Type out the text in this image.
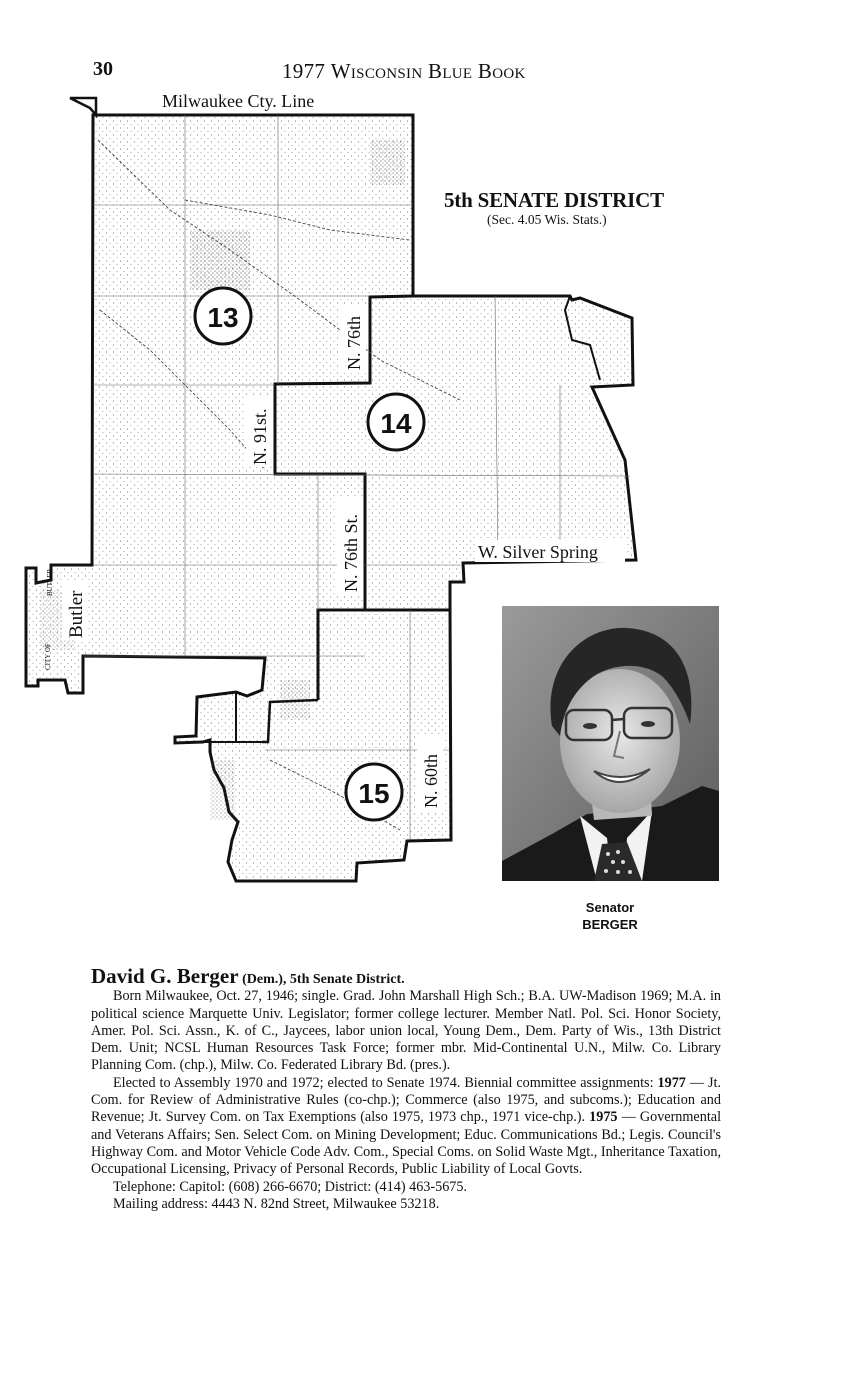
30	1977 Wisconsin Blue Book
13
14
15
Milwaukee Cty. Line
N. 76th
N. 91st.
N. 76th St.	W. Silver Spring
Butler
BUTLER
CITY OF
N. 60th
5th SENATE DISTRICT
(Sec. 4.05 Wis. Stats.)
Senator
BERGER

David G. Berger (Dem.), 5th Senate District.

Born Milwaukee, Oct. 27, 1946; single. Grad. John Marshall High Sch.; B.A. UW-Madison 1969; M.A. in political science Marquette Univ. Legislator; former college lecturer. Member Natl. Pol. Sci. Honor Society, Amer. Pol. Sci. Assn., K. of C., Jaycees, labor union local, Young Dem., Dem. Party of Wis., 13th District Dem. Unit; NCSL Human Resources Task Force; former mbr. Mid-Continental U.N., Milw. Co. Library Planning Com. (chp.), Milw. Co. Federated Library Bd. (pres.).

Elected to Assembly 1970 and 1972; elected to Senate 1974. Biennial committee assignments: 1977 — Jt. Com. for Review of Administrative Rules (co-chp.); Commerce (also 1975, and subcoms.); Education and Revenue; Jt. Survey Com. on Tax Exemptions (also 1975, 1973 chp., 1971 vice-chp.). 1975 — Governmental and Veterans Affairs; Sen. Select Com. on Mining Development; Educ. Communications Bd.; Legis. Council's Highway Com. and Motor Vehicle Code Adv. Com., Special Coms. on Solid Waste Mgt., Inheritance Taxation, Occupational Licensing, Privacy of Personal Records, Public Liability of Local Govts.

Telephone: Capitol: (608) 266-6670; District: (414) 463-5675.

Mailing address: 4443 N. 82nd Street, Milwaukee 53218.
